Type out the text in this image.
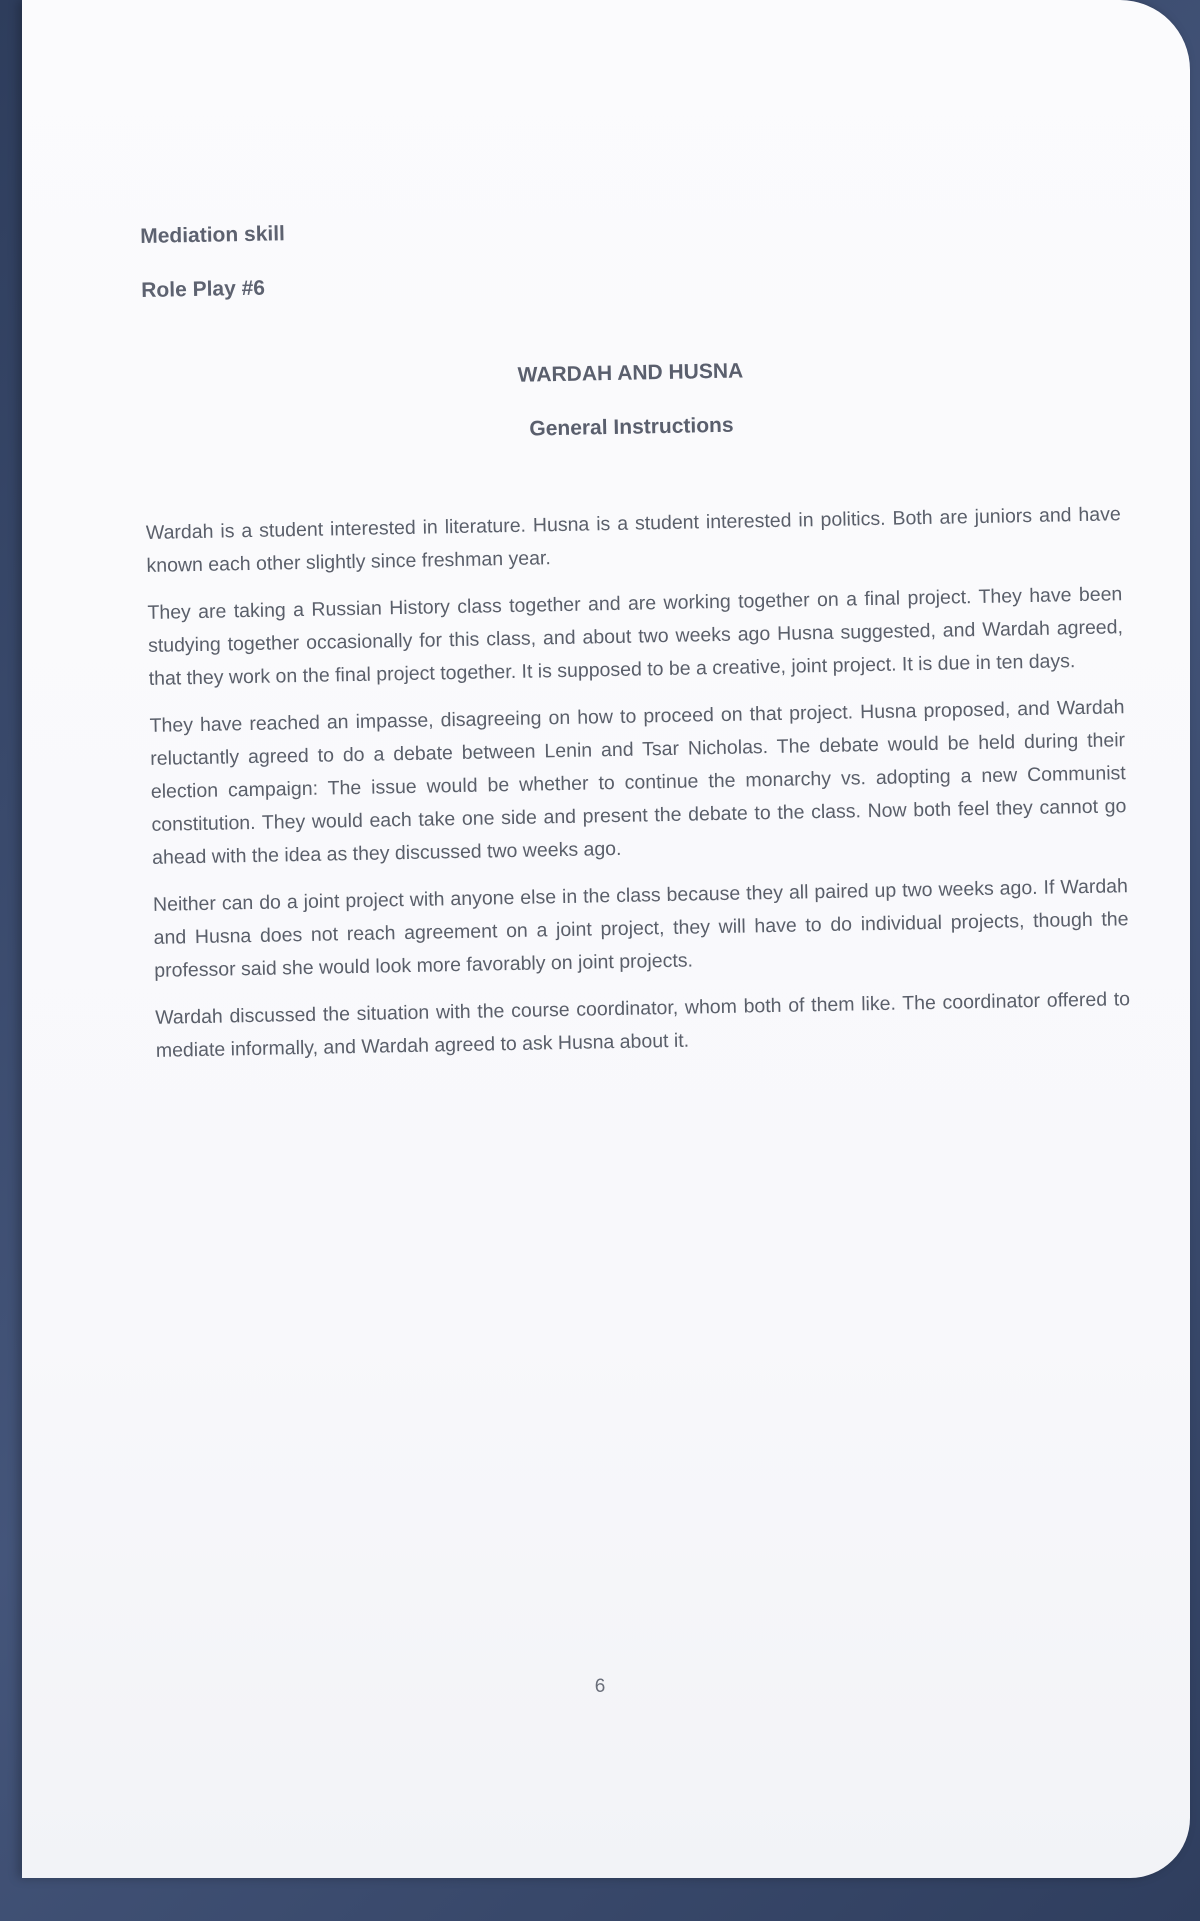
Mediation skill

Role Play #6

WARDAH AND HUSNA

General Instructions

Wardah is a student interested in literature. Husna is a student interested in politics. Both are juniors and have known each other slightly since freshman year.

They are taking a Russian History class together and are working together on a final project. They have been studying together occasionally for this class, and about two weeks ago Husna suggested, and Wardah agreed, that they work on the final project together. It is supposed to be a creative, joint project. It is due in ten days.

They have reached an impasse, disagreeing on how to proceed on that project. Husna proposed, and Wardah reluctantly agreed to do a debate between Lenin and Tsar Nicholas. The debate would be held during their election campaign: The issue would be whether to continue the monarchy vs. adopting a new Communist constitution. They would each take one side and present the debate to the class. Now both feel they cannot go ahead with the idea as they discussed two weeks ago.

Neither can do a joint project with anyone else in the class because they all paired up two weeks ago. If Wardah and Husna does not reach agreement on a joint project, they will have to do individual projects, though the professor said she would look more favorably on joint projects.

Wardah discussed the situation with the course coordinator, whom both of them like. The coordinator offered to mediate informally, and Wardah agreed to ask Husna about it.

6
